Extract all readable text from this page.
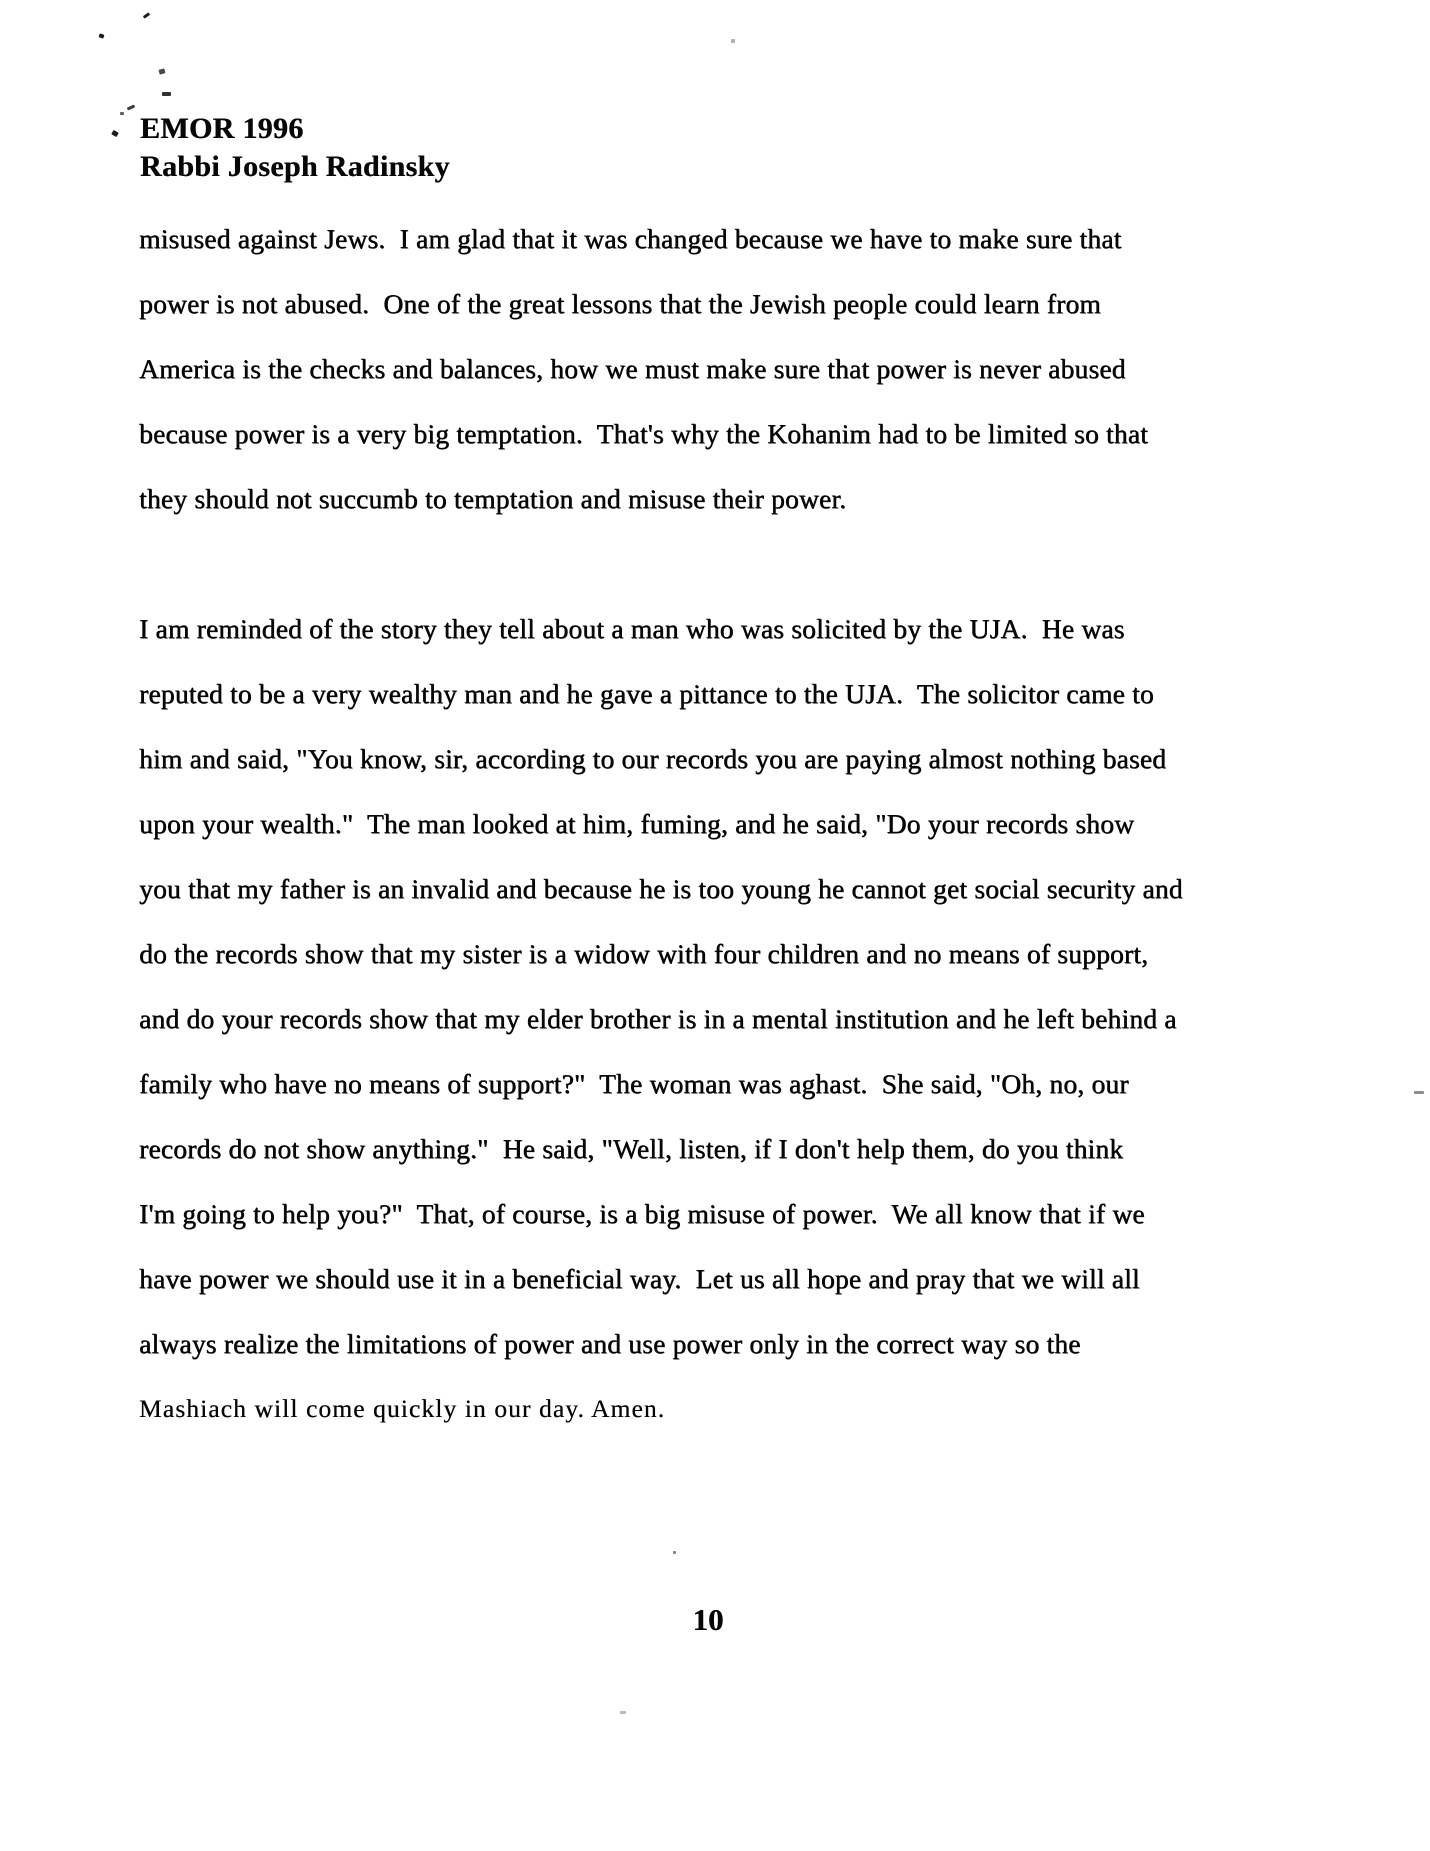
EMOR 1996
Rabbi Joseph Radinsky
misused against Jews.  I am glad that it was changed because we have to make sure that
power is not abused.  One of the great lessons that the Jewish people could learn from
America is the checks and balances, how we must make sure that power is never abused
because power is a very big temptation.  That's why the Kohanim had to be limited so that
they should not succumb to temptation and misuse their power.
I am reminded of the story they tell about a man who was solicited by the UJA.  He was
reputed to be a very wealthy man and he gave a pittance to the UJA.  The solicitor came to
him and said, "You know, sir, according to our records you are paying almost nothing based
upon your wealth."  The man looked at him, fuming, and he said, "Do your records show
you that my father is an invalid and because he is too young he cannot get social security and
do the records show that my sister is a widow with four children and no means of support,
and do your records show that my elder brother is in a mental institution and he left behind a
family who have no means of support?"  The woman was aghast.  She said, "Oh, no, our
records do not show anything."  He said, "Well, listen, if I don't help them, do you think
I'm going to help you?"  That, of course, is a big misuse of power.  We all know that if we
have power we should use it in a beneficial way.  Let us all hope and pray that we will all
always realize the limitations of power and use power only in the correct way so the
Mashiach will come quickly in our day. Amen.
10
